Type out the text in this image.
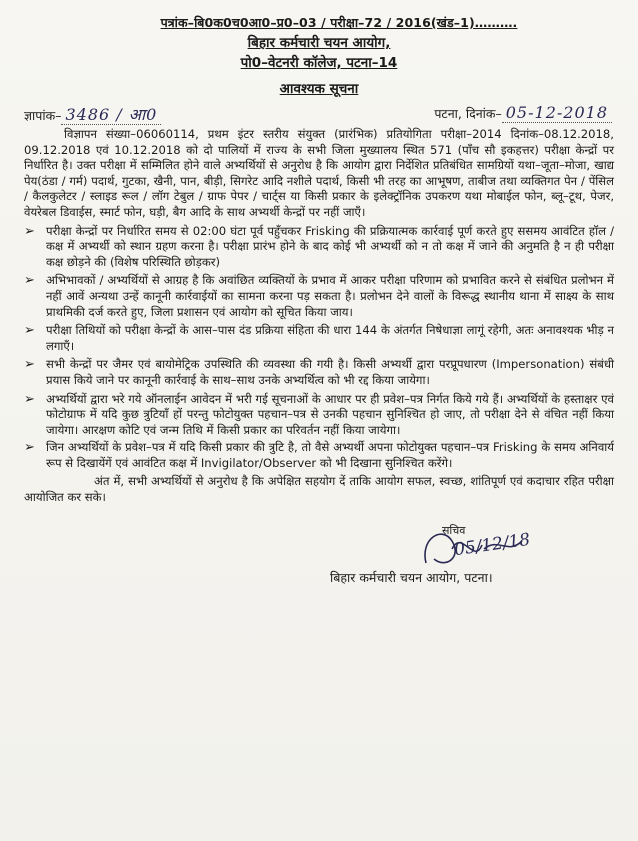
पत्रांक–बि0क0च0आ0–प्र0–03 / परीक्षा–72 / 2016(खंड–1)……….
बिहार कर्मचारी चयन आयोग,
पो0–वेटनरी कॉलेज, पटना–14
आवश्यक सूचना
ज्ञापांक– 3486 / आ0	पटना, दिनांक– 05-12-2018

विज्ञापन संख्या–06060114, प्रथम इंटर स्तरीय संयुक्त (प्रारंभिक) प्रतियोगिता परीक्षा–2014 दिनांक–08.12.2018, 09.12.2018 एवं 10.12.2018 को दो पालियों में राज्य के सभी जिला मुख्यालय स्थित 571 (पाँच सौ इकहत्तर) परीक्षा केन्द्रों पर निर्धारित है। उक्त परीक्षा में सम्मिलित होने वाले अभ्यर्थियों से अनुरोध है कि आयोग द्वारा निर्देशित प्रतिबंधित सामग्रियों यथा–जूता–मोजा, खाद्य पेय(ठंडा / गर्म) पदार्थ, गुटका, खैनी, पान, बीड़ी, सिगरेट आदि नशीले पदार्थ, किसी भी तरह का आभूषण, ताबीज तथा व्यक्तिगत पेन / पेंसिल / कैलकुलेटर / स्लाइड रूल / लॉग टेबुल / ग्राफ पेपर / चार्ट्स या किसी प्रकार के इलेक्ट्रॉनिक उपकरण यथा मोबाईल फोन, ब्लू–टूथ, पेजर, वेयरेबल डिवाईस, स्मार्ट फोन, घड़ी, बैग आदि के साथ अभ्यर्थी केन्द्रों पर नहीं जाएँ।

➢ परीक्षा केन्द्रों पर निर्धारित समय से 02:00 घंटा पूर्व पहुँचकर Frisking की प्रक्रियात्मक कार्रवाई पूर्ण करते हुए ससमय आवंटित हॉल / कक्ष में अभ्यर्थी को स्थान ग्रहण करना है। परीक्षा प्रारंभ होने के बाद कोई भी अभ्यर्थी को न तो कक्ष में जाने की अनुमति है न ही परीक्षा कक्ष छोड़ने की (विशेष परिस्थिति छोड़कर)
➢ अभिभावकों / अभ्यर्थियों से आग्रह है कि अवांछित व्यक्तियों के प्रभाव में आकर परीक्षा परिणाम को प्रभावित करने से संबंधित प्रलोभन में नहीं आवें अन्यथा उन्हें कानूनी कार्रवाईयों का सामना करना पड़ सकता है। प्रलोभन देने वालों के विरूद्ध स्थानीय थाना में साक्ष्य के साथ प्राथमिकी दर्ज करते हुए, जिला प्रशासन एवं आयोग को सूचित किया जाय।
➢ परीक्षा तिथियों को परीक्षा केन्द्रों के आस–पास दंड प्रक्रिया संहिता की धारा 144 के अंतर्गत निषेधाज्ञा लागूं रहेगी, अतः अनावश्यक भीड़ न लगाएँ।
➢ सभी केन्द्रों पर जैमर एवं बायोमेट्रिक उपस्थिति की व्यवस्था की गयी है। किसी अभ्यर्थी द्वारा परप्रूपधारण (Impersonation) संबंधी प्रयास किये जाने पर कानूनी कार्रवाई के साथ–साथ उनके अभ्यर्थित्व को भी रद्द किया जायेगा।
➢ अभ्यर्थियों द्वारा भरे गये ऑनलाईन आवेदन में भरी गई सूचनाओं के आधार पर ही प्रवेश–पत्र निर्गत किये गये हैं। अभ्यर्थियों के हस्ताक्षर एवं फोटोग्राफ में यदि कुछ त्रुटियाँ हों परन्तु फोटोयुक्त पहचान–पत्र से उनकी पहचान सुनिश्चित हो जाए, तो परीक्षा देने से वंचित नहीं किया जायेगा। आरक्षण कोटि एवं जन्म तिथि में किसी प्रकार का परिवर्तन नहीं किया जायेगा।
➢ जिन अभ्यर्थियों के प्रवेश–पत्र में यदि किसी प्रकार की त्रुटि है, तो वैसे अभ्यर्थी अपना फोटोयुक्त पहचान–पत्र Frisking के समय अनिवार्य रूप से दिखायेंगें एवं आवंटित कक्ष में Invigilator/Observer को भी दिखाना सुनिश्चित करेंगे।

अंत में, सभी अभ्यर्थियों से अनुरोध है कि अपेक्षित सहयोग दें ताकि आयोग सफल, स्वच्छ, शांतिपूर्ण एवं कदाचार रहित परीक्षा आयोजित कर सके।

सचिव
05/12/18
बिहार कर्मचारी चयन आयोग, पटना।
